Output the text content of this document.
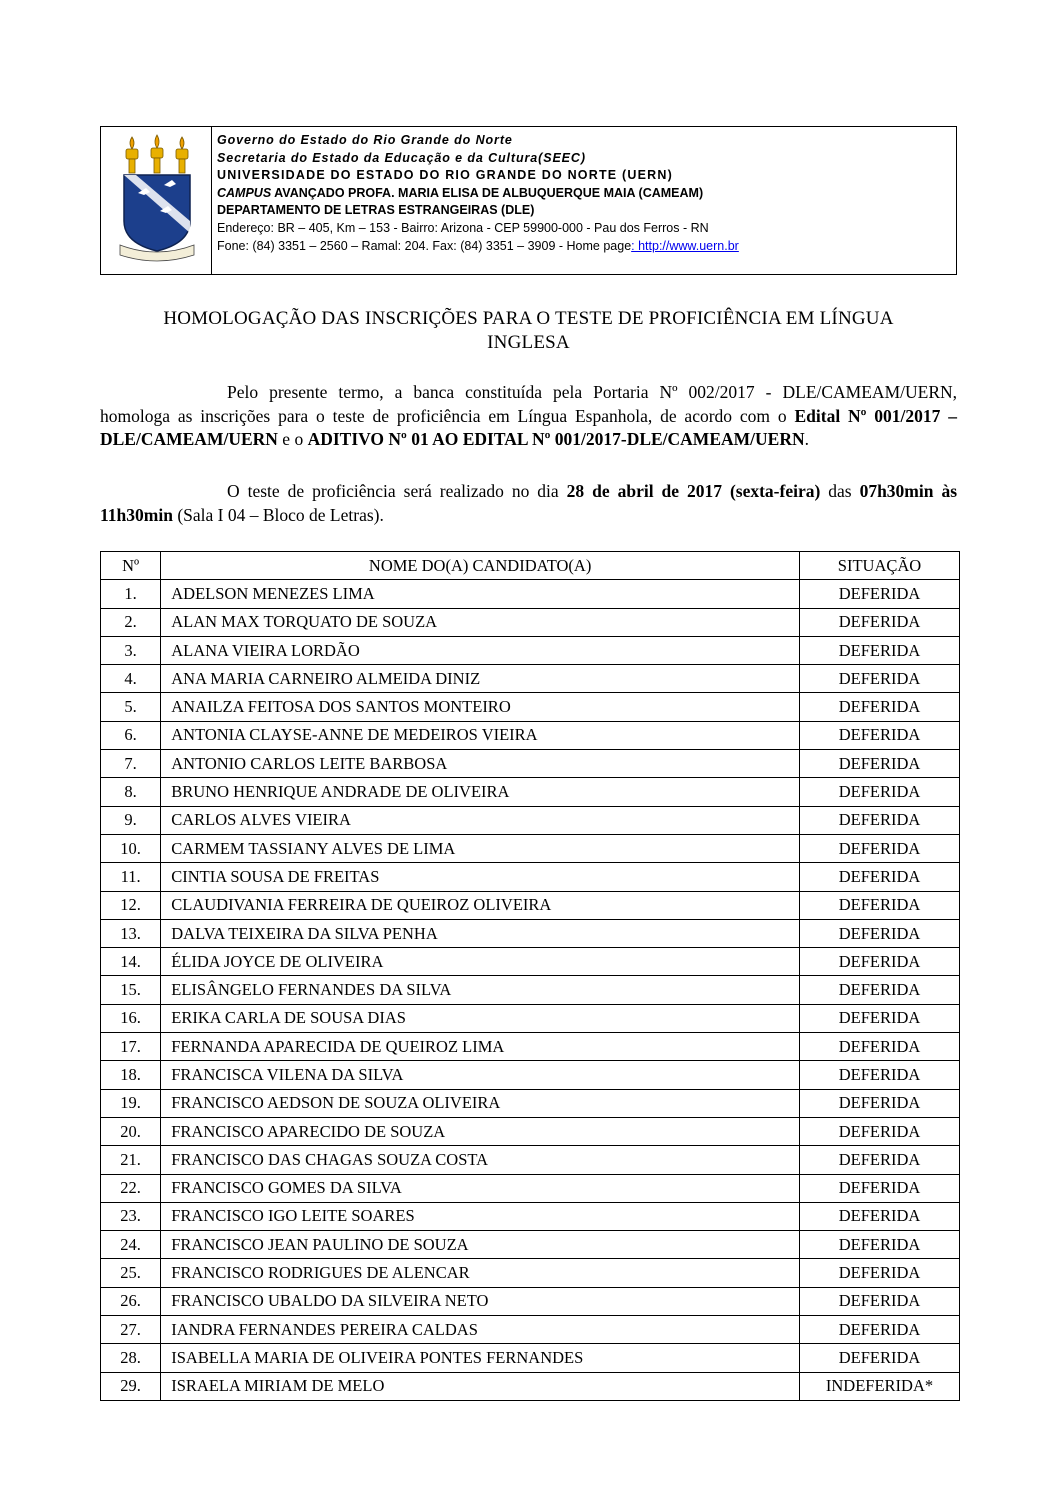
Governo do Estado do Rio Grande do Norte
Secretaria do Estado da Educação e da Cultura(SEEC)
UNIVERSIDADE DO ESTADO DO RIO GRANDE DO NORTE (UERN)
CAMPUS AVANÇADO PROFA. MARIA ELISA DE ALBUQUERQUE MAIA (CAMEAM)
DEPARTAMENTO DE LETRAS ESTRANGEIRAS (DLE)
Endereço: BR – 405, Km – 153 - Bairro: Arizona - CEP 59900-000 - Pau dos Ferros - RN
Fone: (84) 3351 – 2560 – Ramal: 204. Fax: (84) 3351 – 3909 - Home page: http://www.uern.br
HOMOLOGAÇÃO DAS INSCRIÇÕES PARA O TESTE DE PROFICIÊNCIA EM LÍNGUA
INGLESA
Pelo presente termo, a banca constituída pela Portaria Nº 002/2017 - DLE/CAMEAM/UERN, homologa as inscrições para o teste de proficiência em Língua Espanhola, de acordo com o Edital Nº 001/2017 – DLE/CAMEAM/UERN e o ADITIVO Nº 01 AO EDITAL Nº 001/2017-DLE/CAMEAM/UERN.
O teste de proficiência será realizado no dia 28 de abril de 2017 (sexta-feira) das 07h30min às 11h30min (Sala I 04 – Bloco de Letras).
Nº	NOME DO(A) CANDIDATO(A)	SITUAÇÃO
1.	ADELSON MENEZES LIMA	DEFERIDA
2.	ALAN MAX TORQUATO DE SOUZA	DEFERIDA
3.	ALANA VIEIRA LORDÃO	DEFERIDA
4.	ANA MARIA CARNEIRO ALMEIDA DINIZ	DEFERIDA
5.	ANAILZA FEITOSA DOS SANTOS MONTEIRO	DEFERIDA
6.	ANTONIA CLAYSE-ANNE DE MEDEIROS VIEIRA	DEFERIDA
7.	ANTONIO CARLOS LEITE BARBOSA	DEFERIDA
8.	BRUNO HENRIQUE ANDRADE DE OLIVEIRA	DEFERIDA
9.	CARLOS ALVES VIEIRA	DEFERIDA
10.	CARMEM TASSIANY ALVES DE LIMA	DEFERIDA
11.	CINTIA SOUSA DE FREITAS	DEFERIDA
12.	CLAUDIVANIA FERREIRA DE QUEIROZ OLIVEIRA	DEFERIDA
13.	DALVA TEIXEIRA DA SILVA PENHA	DEFERIDA
14.	ÉLIDA JOYCE DE OLIVEIRA	DEFERIDA
15.	ELISÂNGELO FERNANDES DA SILVA	DEFERIDA
16.	ERIKA CARLA DE SOUSA DIAS	DEFERIDA
17.	FERNANDA APARECIDA DE QUEIROZ LIMA	DEFERIDA
18.	FRANCISCA VILENA DA SILVA	DEFERIDA
19.	FRANCISCO AEDSON DE SOUZA OLIVEIRA	DEFERIDA
20.	FRANCISCO APARECIDO DE SOUZA	DEFERIDA
21.	FRANCISCO DAS CHAGAS SOUZA COSTA	DEFERIDA
22.	FRANCISCO GOMES DA SILVA	DEFERIDA
23.	FRANCISCO IGO LEITE SOARES	DEFERIDA
24.	FRANCISCO JEAN PAULINO DE SOUZA	DEFERIDA
25.	FRANCISCO RODRIGUES DE ALENCAR	DEFERIDA
26.	FRANCISCO UBALDO DA SILVEIRA NETO	DEFERIDA
27.	IANDRA FERNANDES PEREIRA CALDAS	DEFERIDA
28.	ISABELLA MARIA DE OLIVEIRA PONTES FERNANDES	DEFERIDA
29.	ISRAELA MIRIAM DE MELO	INDEFERIDA*
